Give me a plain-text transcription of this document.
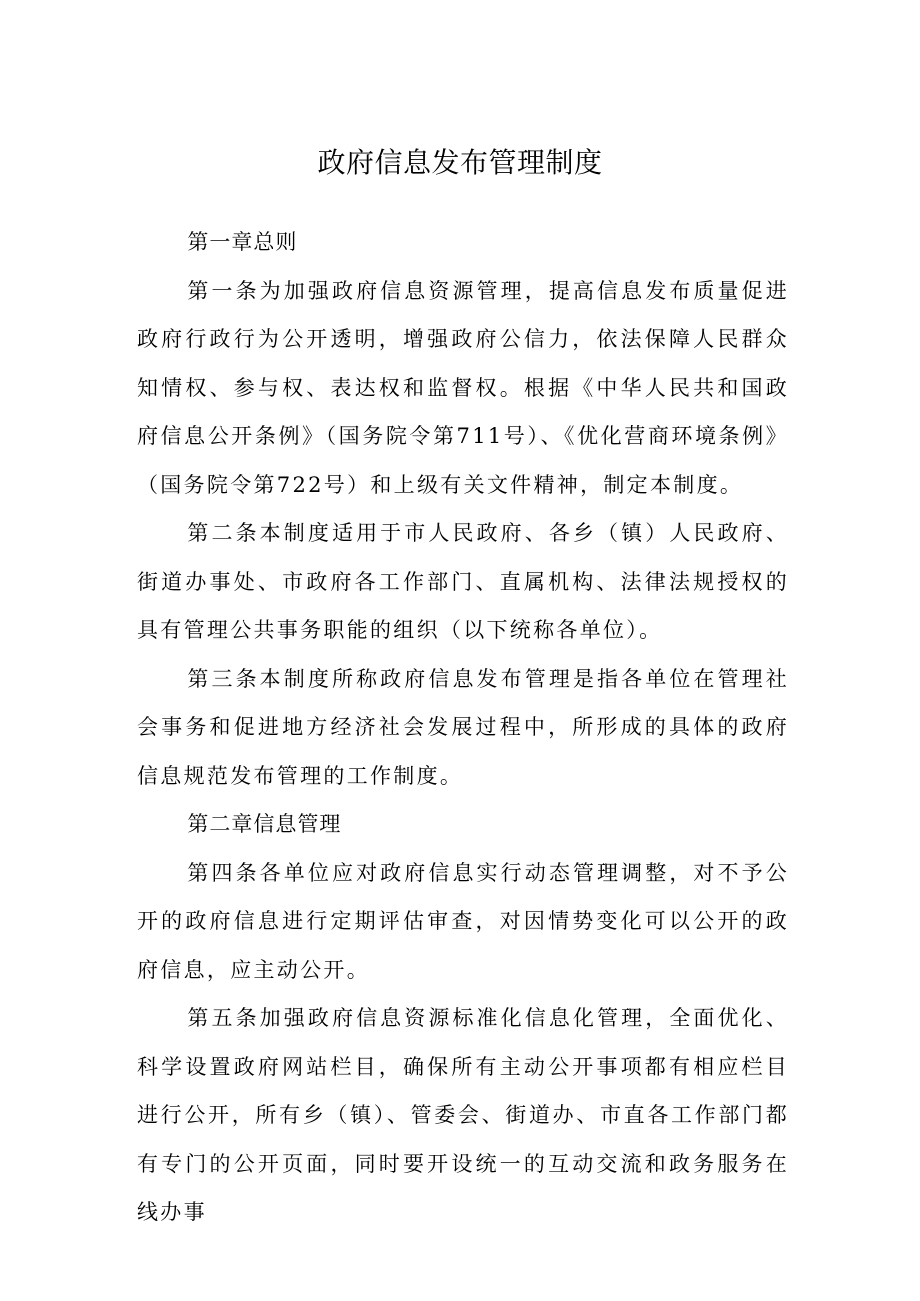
政府信息发布管理制度

第一章总则

第一条为加强政府信息资源管理，提高信息发布质量促进政府行政行为公开透明，增强政府公信力，依法保障人民群众知情权、参与权、表达权和监督权。根据《中华人民共和国政府信息公开条例》（国务院令第711号）、《优化营商环境条例》（国务院令第722号）和上级有关文件精神，制定本制度。

第二条本制度适用于市人民政府、各乡（镇）人民政府、街道办事处、市政府各工作部门、直属机构、法律法规授权的具有管理公共事务职能的组织（以下统称各单位）。

第三条本制度所称政府信息发布管理是指各单位在管理社会事务和促进地方经济社会发展过程中，所形成的具体的政府信息规范发布管理的工作制度。

第二章信息管理

第四条各单位应对政府信息实行动态管理调整，对不予公开的政府信息进行定期评估审查，对因情势变化可以公开的政府信息，应主动公开。

第五条加强政府信息资源标准化信息化管理，全面优化、科学设置政府网站栏目，确保所有主动公开事项都有相应栏目进行公开，所有乡（镇）、管委会、街道办、市直各工作部门都有专门的公开页面，同时要开设统一的互动交流和政务服务在线办事
